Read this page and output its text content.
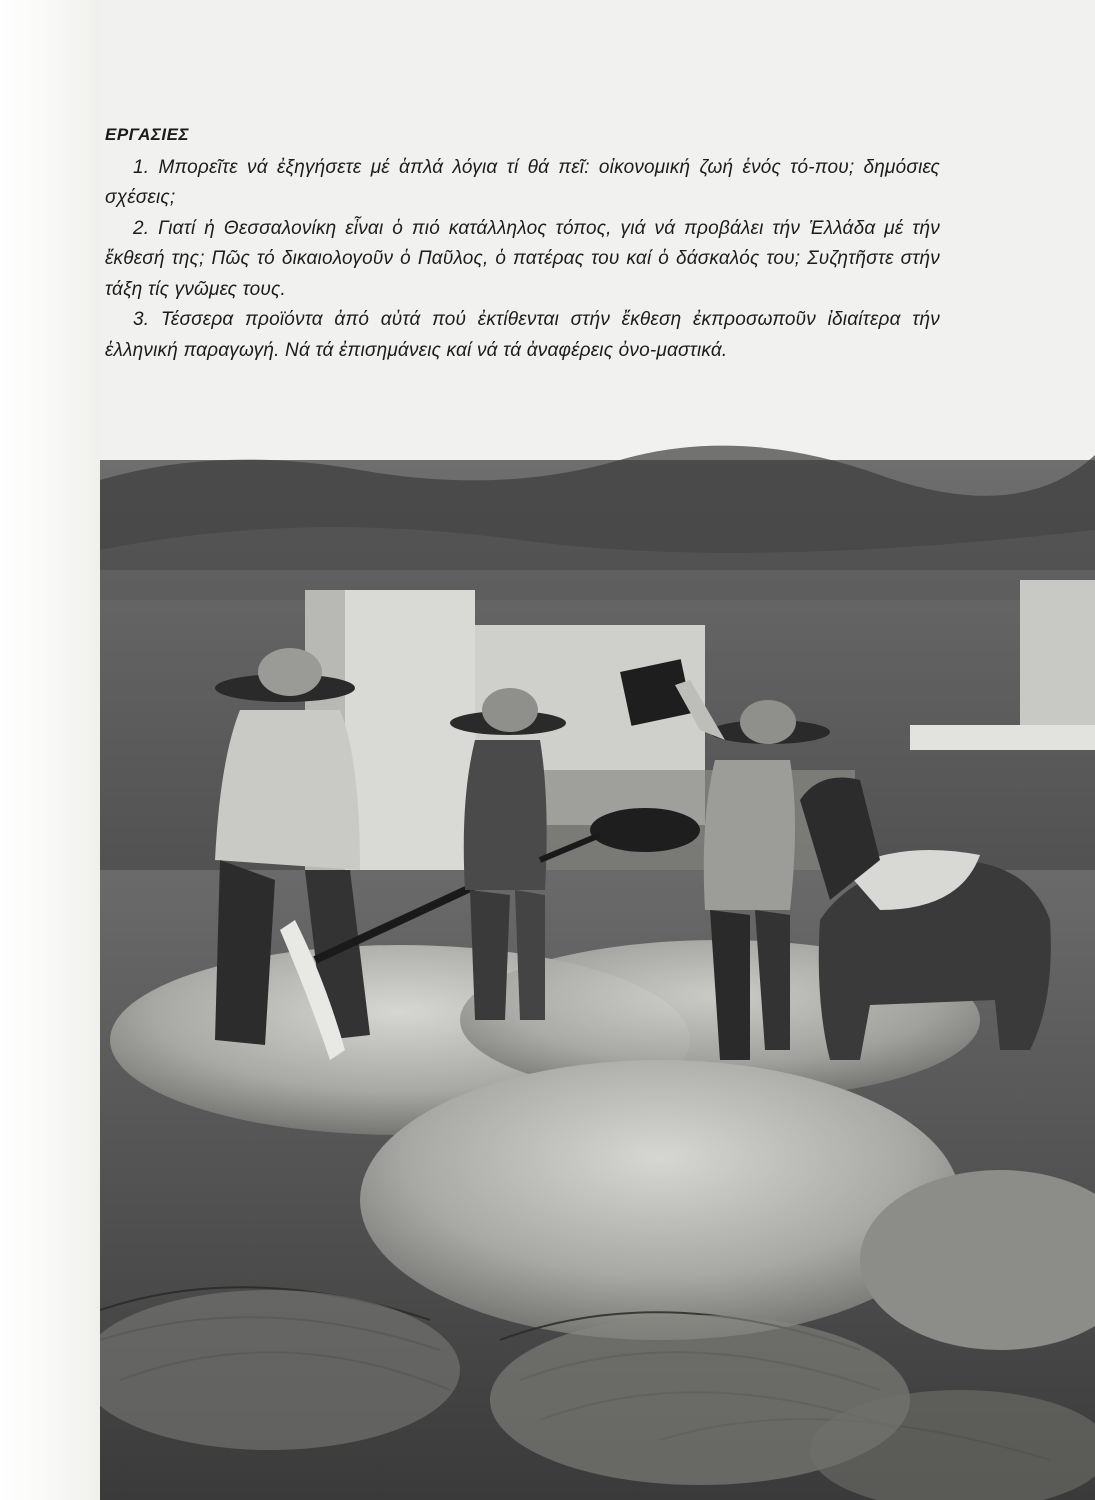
ΕΡΓΑΣΙΕΣ

1. Μπορεῖτε νά ἐξηγήσετε μέ ἁπλά λόγια τί θά πεῖ: οἰκονομική ζωή ἑνός τό-που; δημόσιες σχέσεις;

2. Γιατί ἡ Θεσσαλονίκη εἶναι ὁ πιό κατάλληλος τόπος, γιά νά προβάλει τήν Ἑλλάδα μέ τήν ἔκθεσή της; Πῶς τό δικαιολογοῦν ὁ Παῦλος, ὁ πατέρας του καί ὁ δάσκαλός του; Συζητῆστε στήν τάξη τίς γνῶμες τους.

3. Τέσσερα προϊόντα ἀπό αὐτά πού ἐκτίθενται στήν ἔκθεση ἐκπροσωποῦν ἰδιαίτερα τήν ἑλληνική παραγωγή. Νά τά ἐπισημάνεις καί νά τά ἀναφέρεις ὀνο-μαστικά.
